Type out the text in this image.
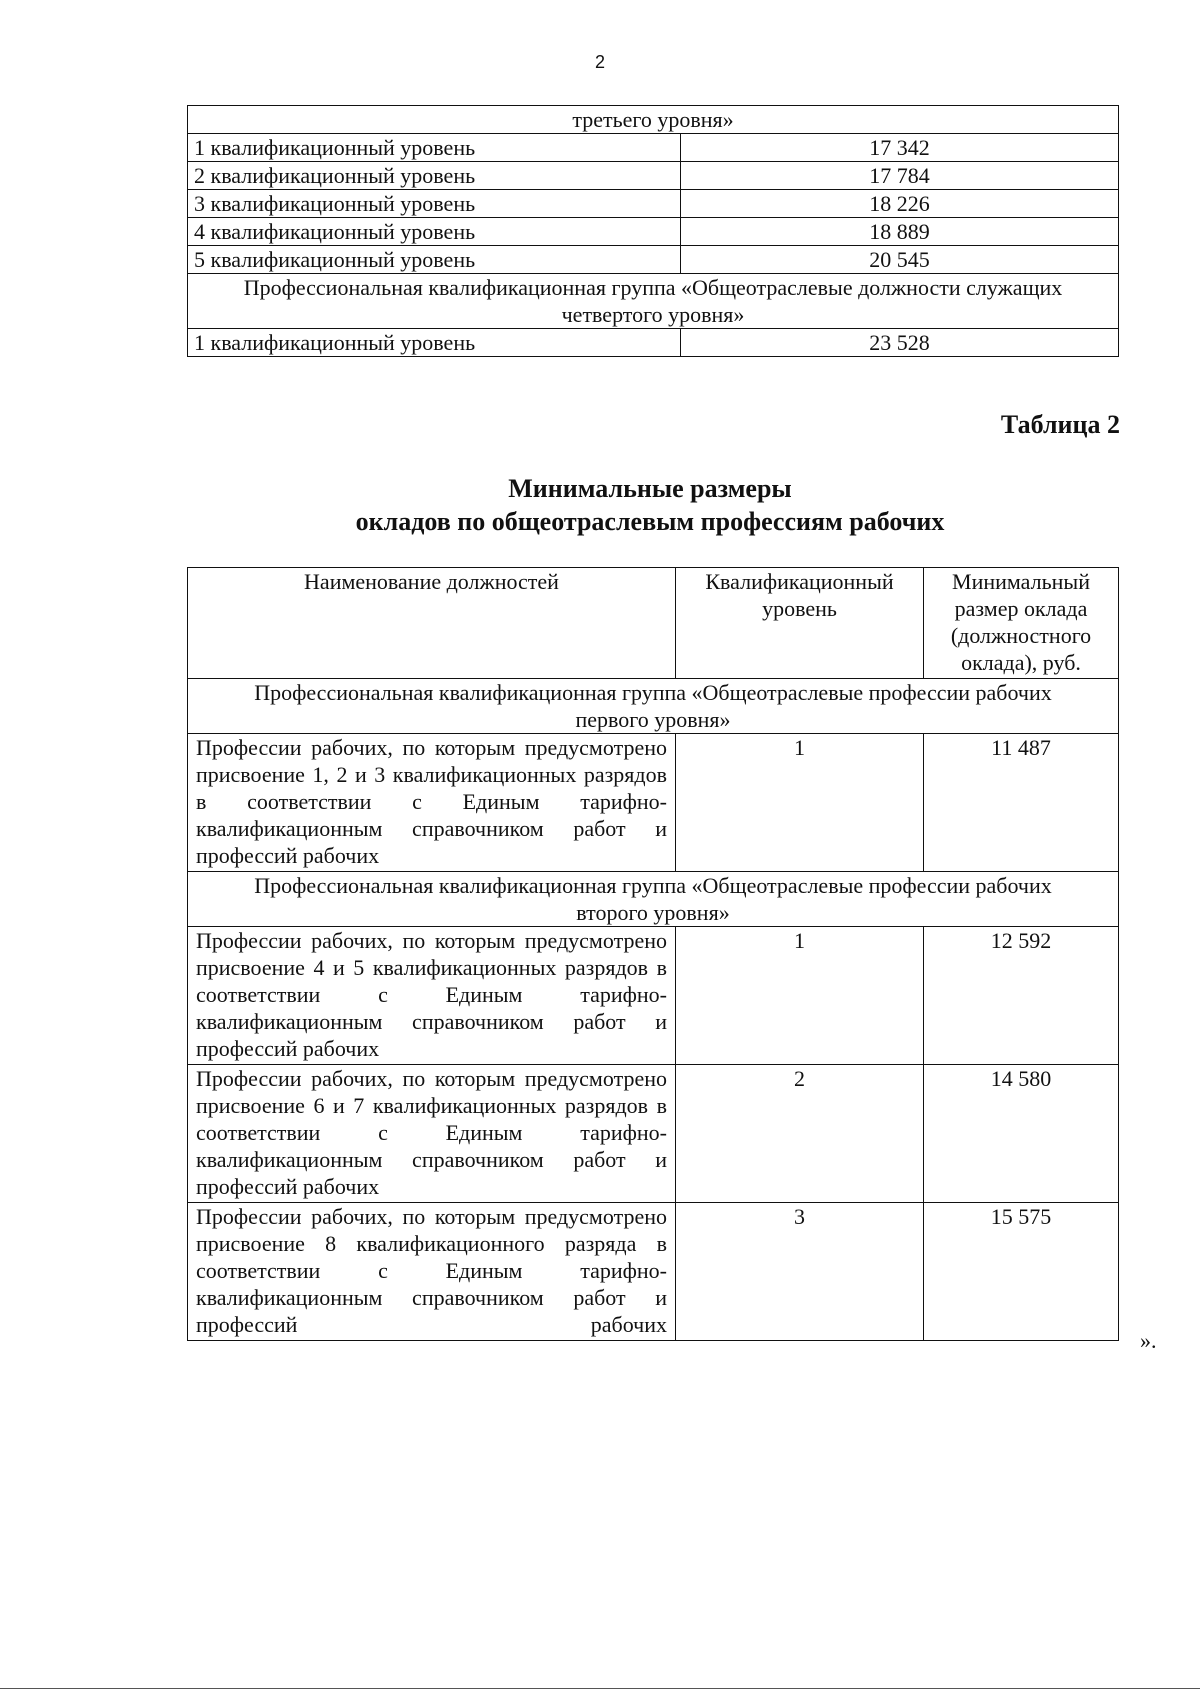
2
третьего уровня»	
1 квалификационный уровень	17 342
2 квалификационный уровень	17 784
3 квалификационный уровень	18 226
4 квалификационный уровень	18 889
5 квалификационный уровень	20 545

Профессиональная квалификационная группа «Общеотраслевые должности служащих
четвертого уровня»	

1 квалификационный уровень	23 528
Таблица 2
Минимальные размеры
окладов по общеотраслевым профессиям рабочих
Наименование должностей	Квалификационный уровень	Минимальный размер оклада (должностного оклада), руб.

Профессиональная квалификационная группа «Общеотраслевые профессии рабочих
первого уровня»		

Профессии рабочих, по которым предусмотрено присвоение 1, 2 и 3 квалификационных разрядов в соответствии с Единым тарифно-квалификационным справочником работ и профессий рабочих	1	11 487

Профессиональная квалификационная группа «Общеотраслевые профессии рабочих
второго уровня»		

Профессии рабочих, по которым предусмотрено присвоение 4 и 5 квалификационных разрядов в соответствии с Единым тарифно-квалификационным справочником работ и профессий рабочих	1	12 592
Профессии рабочих, по которым предусмотрено присвоение 6 и 7 квалификационных разрядов в соответствии с Единым тарифно-квалификационным справочником работ и профессий рабочих	2	14 580
Профессии рабочих, по которым предусмотрено присвоение 8 квалификационного разряда в соответствии с Единым тарифно-квалификационным справочником работ и профессий рабочих	3	15 575
».
